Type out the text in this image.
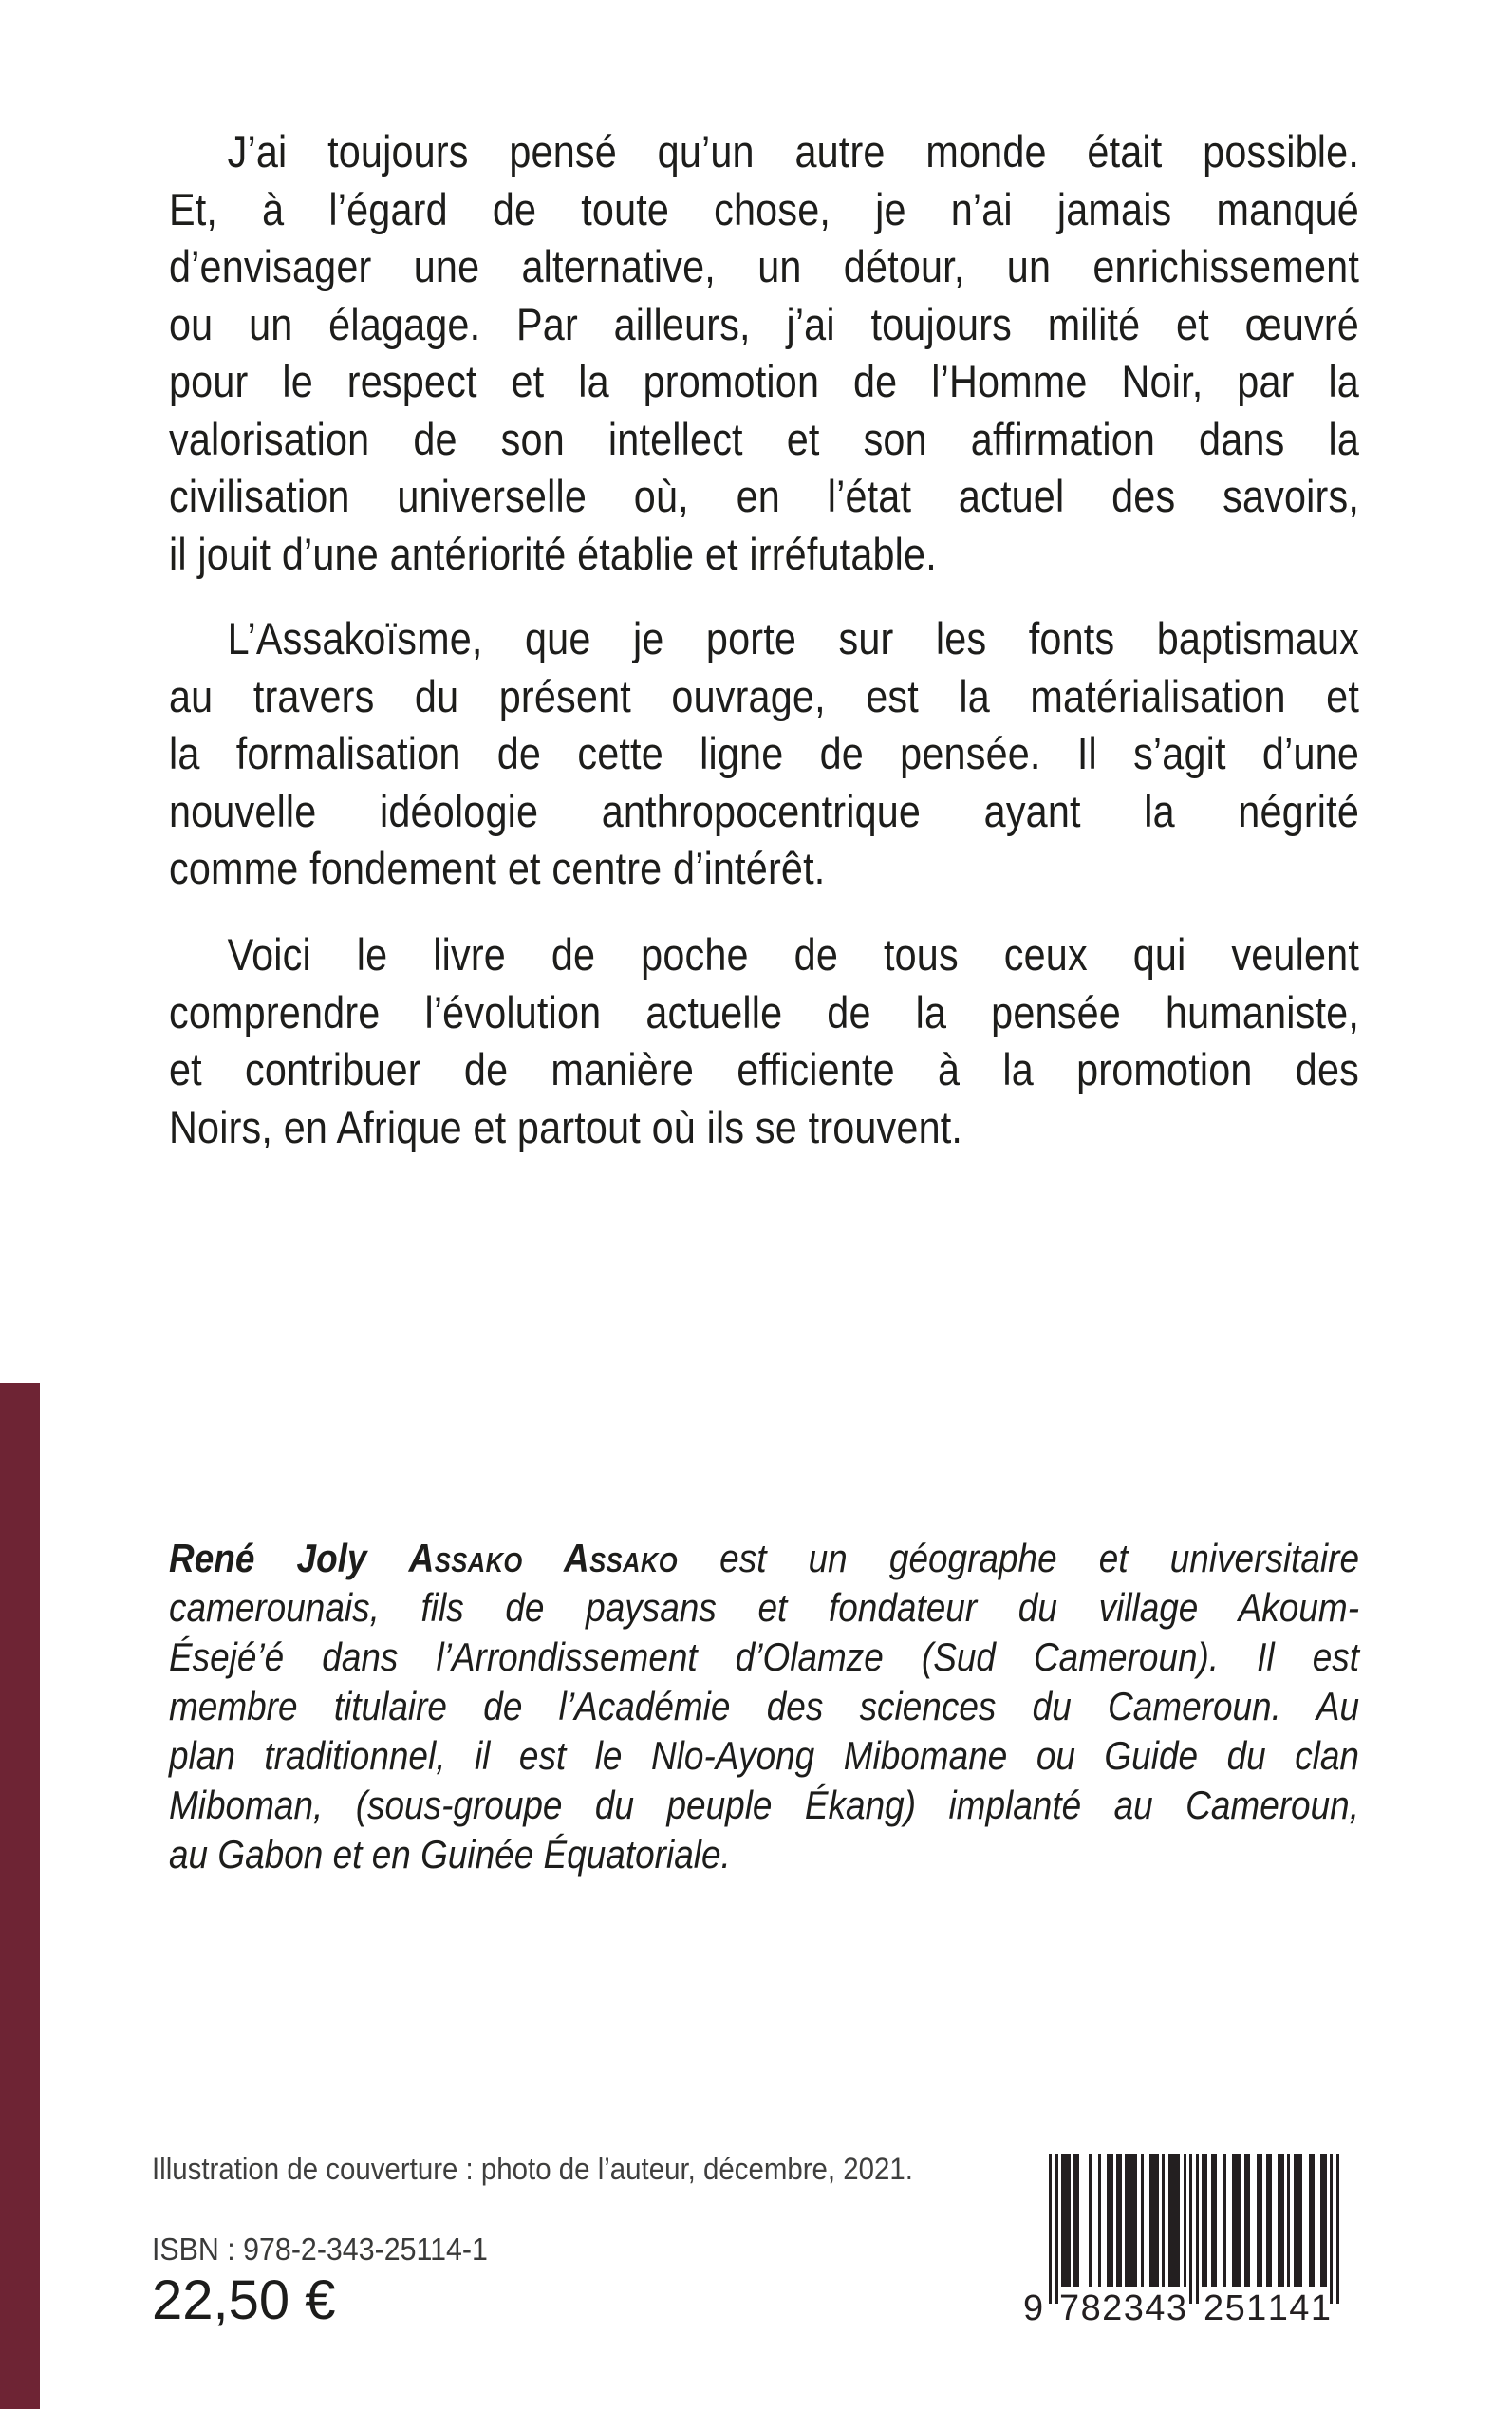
J’ai toujours pensé qu’un autre monde était possible.
Et, à l’égard de toute chose, je n’ai jamais manqué
d’envisager une alternative, un détour, un enrichissement
ou un élagage. Par ailleurs, j’ai toujours milité et œuvré
pour le respect et la promotion de l’Homme Noir, par la
valorisation de son intellect et son affirmation dans la
civilisation universelle où, en l’état actuel des savoirs,
il jouit d’une antériorité établie et irréfutable.
L’Assakoïsme, que je porte sur les fonts baptismaux
au travers du présent ouvrage, est la matérialisation et
la formalisation de cette ligne de pensée. Il s’agit d’une
nouvelle idéologie anthropocentrique ayant la négrité
comme fondement et centre d’intérêt.
Voici le livre de poche de tous ceux qui veulent
comprendre l’évolution actuelle de la pensée humaniste,
et contribuer de manière efficiente à la promotion des
Noirs, en Afrique et partout où ils se trouvent.
René Joly Assako Assako est un géographe et universitaire
camerounais, fils de paysans et fondateur du village Akoum-
Ésejé’é dans l’Arrondissement d’Olamze (Sud Cameroun). Il est
membre titulaire de l’Académie des sciences du Cameroun. Au
plan traditionnel, il est le Nlo-Ayong Mibomane ou Guide du clan
Miboman, (sous-groupe du peuple Ékang) implanté au Cameroun,
au Gabon et en Guinée Équatoriale.
Illustration de couverture : photo de l’auteur, décembre, 2021.
ISBN : 978-2-343-25114-1
22,50 €	9 7 8 2 3 4 3 2 5 1 1 4 1
